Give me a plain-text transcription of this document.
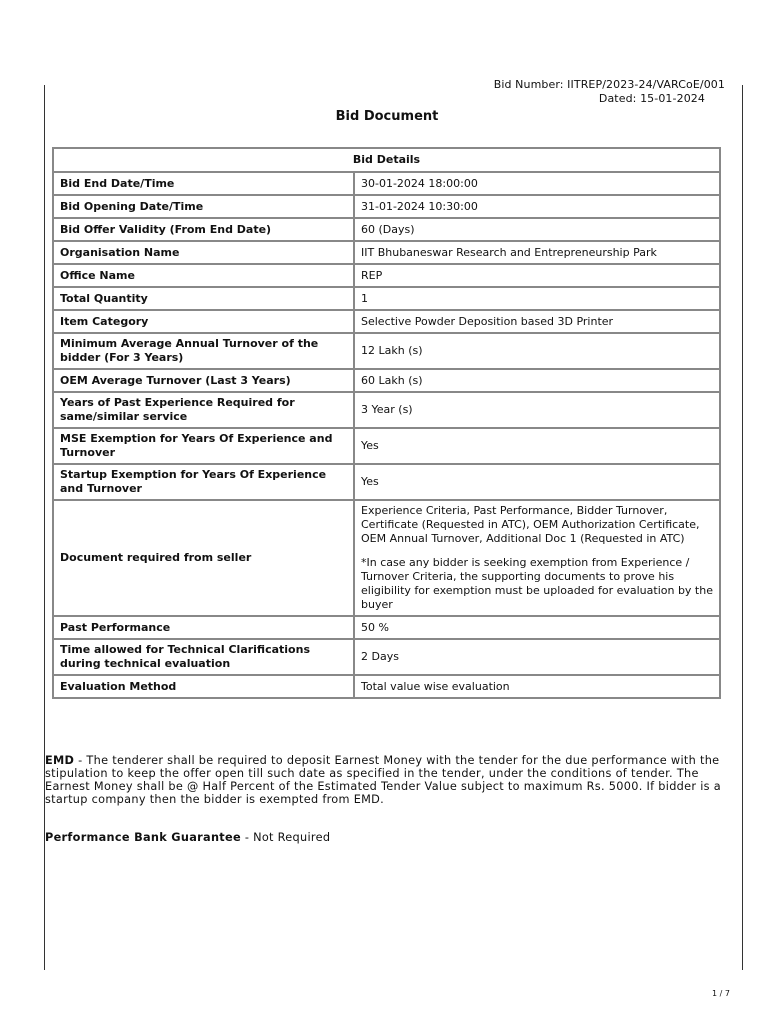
Bid Number: IITREP/2023-24/VARCoE/001
Dated: 15-01-2024
Bid Document
Bid Details	
Bid End Date/Time	30-01-2024 18:00:00
Bid Opening Date/Time	31-01-2024 10:30:00
Bid Offer Validity (From End Date)	60 (Days)
Organisation Name	IIT Bhubaneswar Research and Entrepreneurship Park
Office Name	REP
Total Quantity	1
Item Category	Selective Powder Deposition based 3D Printer
Minimum Average Annual Turnover of the bidder (For 3 Years)	12 Lakh (s)
OEM Average Turnover (Last 3 Years)	60 Lakh (s)
Years of Past Experience Required for same/similar service	3 Year (s)
MSE Exemption for Years Of Experience and Turnover	Yes
Startup Exemption for Years Of Experience and Turnover	Yes
Document required from seller	Experience Criteria, Past Performance, Bidder Turnover, Certificate (Requested in ATC), OEM Authorization Certificate, OEM Annual Turnover, Additional Doc 1 (Requested in ATC)
*In case any bidder is seeking exemption from Experience / Turnover Criteria, the supporting documents to prove his eligibility for exemption must be uploaded for evaluation by the buyer

Past Performance	50 %
Time allowed for Technical Clarifications during technical evaluation	2 Days
Evaluation Method	Total value wise evaluation
EMD - The tenderer shall be required to deposit Earnest Money with the tender for the due performance with the stipulation to keep the offer open till such date as specified in the tender, under the conditions of tender. The Earnest Money shall be @ Half Percent of the Estimated Tender Value subject to maximum Rs. 5000. If bidder is a startup company then the bidder is exempted from EMD.
Performance Bank Guarantee - Not Required
1 / 7
